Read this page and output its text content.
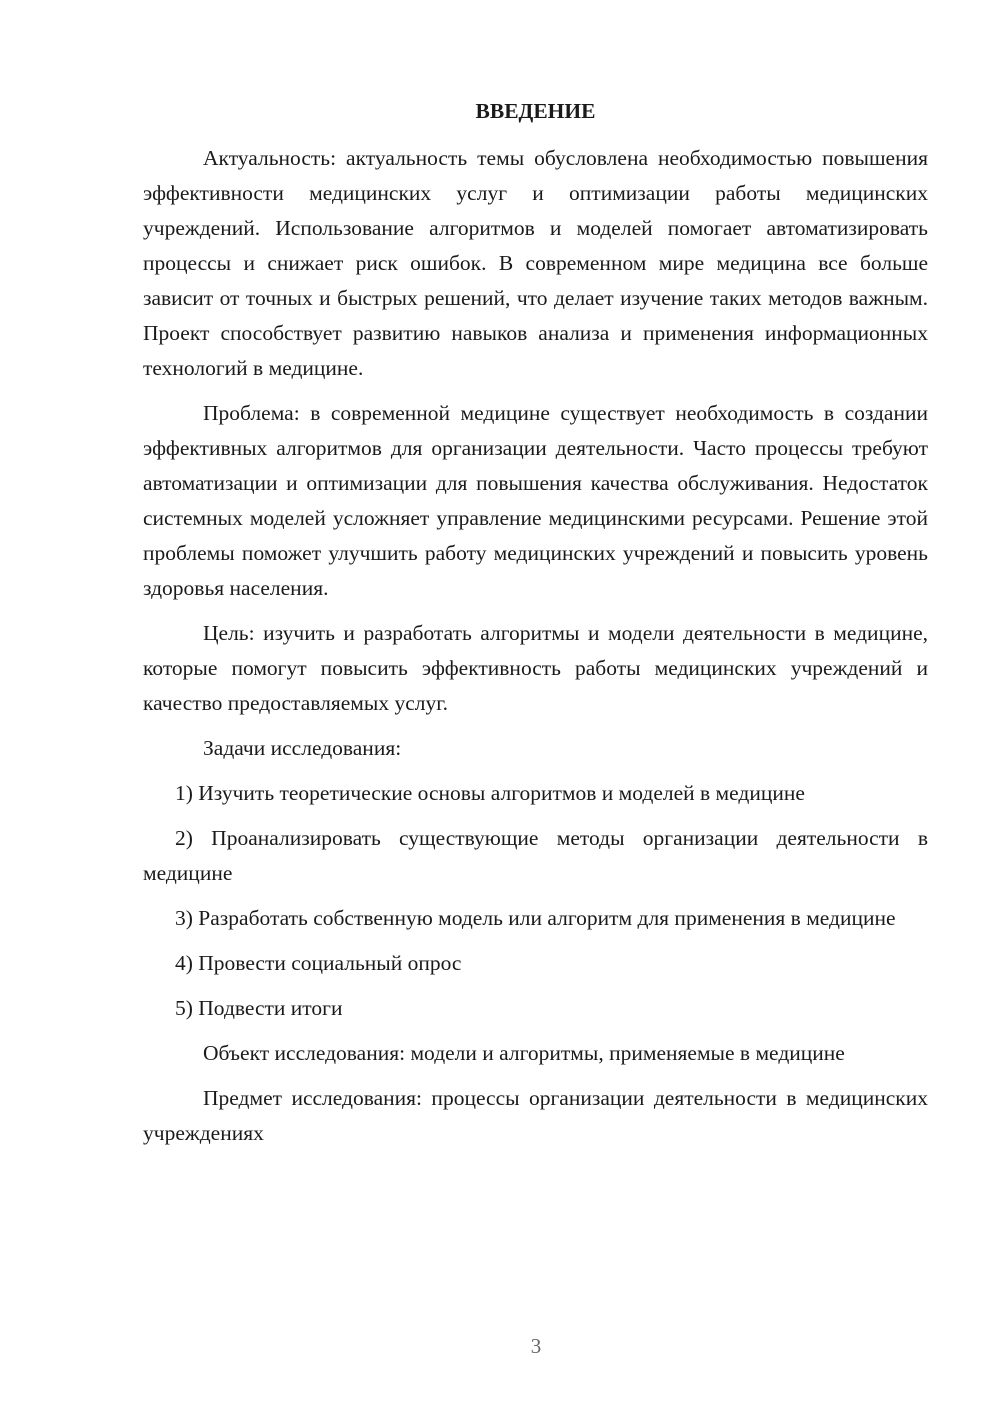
ВВЕДЕНИЕ

Актуальность: актуальность темы обусловлена необходимостью повышения эффективности медицинских услуг и оптимизации работы медицинских учреждений. Использование алгоритмов и моделей помогает автоматизировать процессы и снижает риск ошибок. В современном мире медицина все больше зависит от точных и быстрых решений, что делает изучение таких методов важным. Проект способствует развитию навыков анализа и применения информационных технологий в медицине.

Проблема: в современной медицине существует необходимость в создании эффективных алгоритмов для организации деятельности. Часто процессы требуют автоматизации и оптимизации для повышения качества обслуживания. Недостаток системных моделей усложняет управление медицинскими ресурсами. Решение этой проблемы поможет улучшить работу медицинских учреждений и повысить уровень здоровья населения.

Цель: изучить и разработать алгоритмы и модели деятельности в медицине, которые помогут повысить эффективность работы медицинских учреждений и качество предоставляемых услуг.

Задачи исследования:

1) Изучить теоретические основы алгоритмов и моделей в медицине

2) Проанализировать существующие методы организации деятельности в медицине

3) Разработать собственную модель или алгоритм для применения в медицине

4) Провести социальный опрос

5) Подвести итоги

Объект исследования: модели и алгоритмы, применяемые в медицине

Предмет исследования: процессы организации деятельности в медицинских учреждениях

3
